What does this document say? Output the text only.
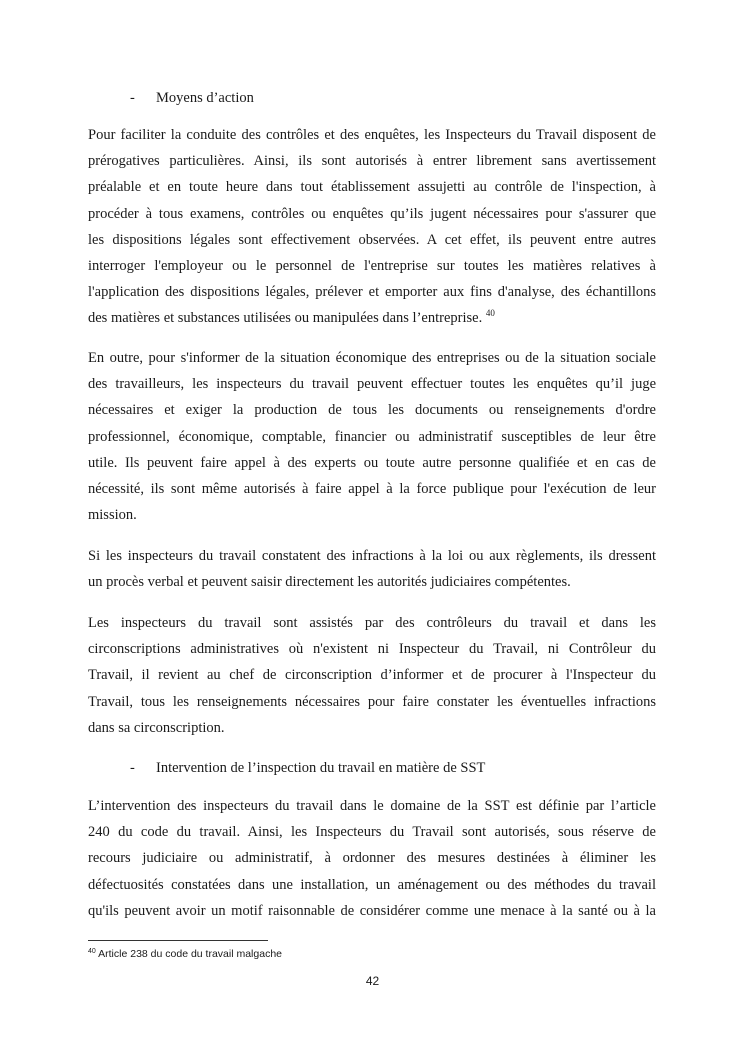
- Moyens d’action
Pour faciliter la conduite des contrôles et des enquêtes, les Inspecteurs du Travail disposent de
prérogatives particulières. Ainsi, ils sont autorisés à entrer librement sans avertissement
préalable et en toute heure dans tout établissement assujetti au contrôle de l'inspection, à
procéder à tous examens, contrôles ou enquêtes qu’ils jugent nécessaires pour s'assurer que
les dispositions légales sont effectivement observées. A cet effet, ils peuvent entre autres
interroger l'employeur ou le personnel de l'entreprise sur toutes les matières relatives à
l'application des dispositions légales, prélever et emporter aux fins d'analyse, des échantillons
des matières et substances utilisées ou manipulées dans l’entreprise. $^{40}$
En outre, pour s'informer de la situation économique des entreprises ou de la situation sociale
des travailleurs, les inspecteurs du travail peuvent effectuer toutes les enquêtes qu’il juge
nécessaires et exiger la production de tous les documents ou renseignements d'ordre
professionnel, économique, comptable, financier ou administratif susceptibles de leur être
utile. Ils peuvent faire appel à des experts ou toute autre personne qualifiée et en cas de
nécessité, ils sont même autorisés à faire appel à la force publique pour l'exécution de leur
mission.
Si les inspecteurs du travail constatent des infractions à la loi ou aux règlements, ils dressent
un procès verbal et peuvent saisir directement les autorités judiciaires compétentes.
Les inspecteurs du travail sont assistés par des contrôleurs du travail et dans les
circonscriptions administratives où n'existent ni Inspecteur du Travail, ni Contrôleur du
Travail, il revient au chef de circonscription d’informer et de procurer à l'Inspecteur du
Travail, tous les renseignements nécessaires pour faire constater les éventuelles infractions
dans sa circonscription.
- Intervention de l’inspection du travail en matière de SST
L’intervention des inspecteurs du travail dans le domaine de la SST est définie par l’article
240 du code du travail. Ainsi, les Inspecteurs du Travail sont autorisés, sous réserve de
recours judiciaire ou administratif, à ordonner des mesures destinées à éliminer les
défectuosités constatées dans une installation, un aménagement ou des méthodes du travail
qu'ils peuvent avoir un motif raisonnable de considérer comme une menace à la santé ou à la
$^{40}$ Article 238 du code du travail malgache
42
